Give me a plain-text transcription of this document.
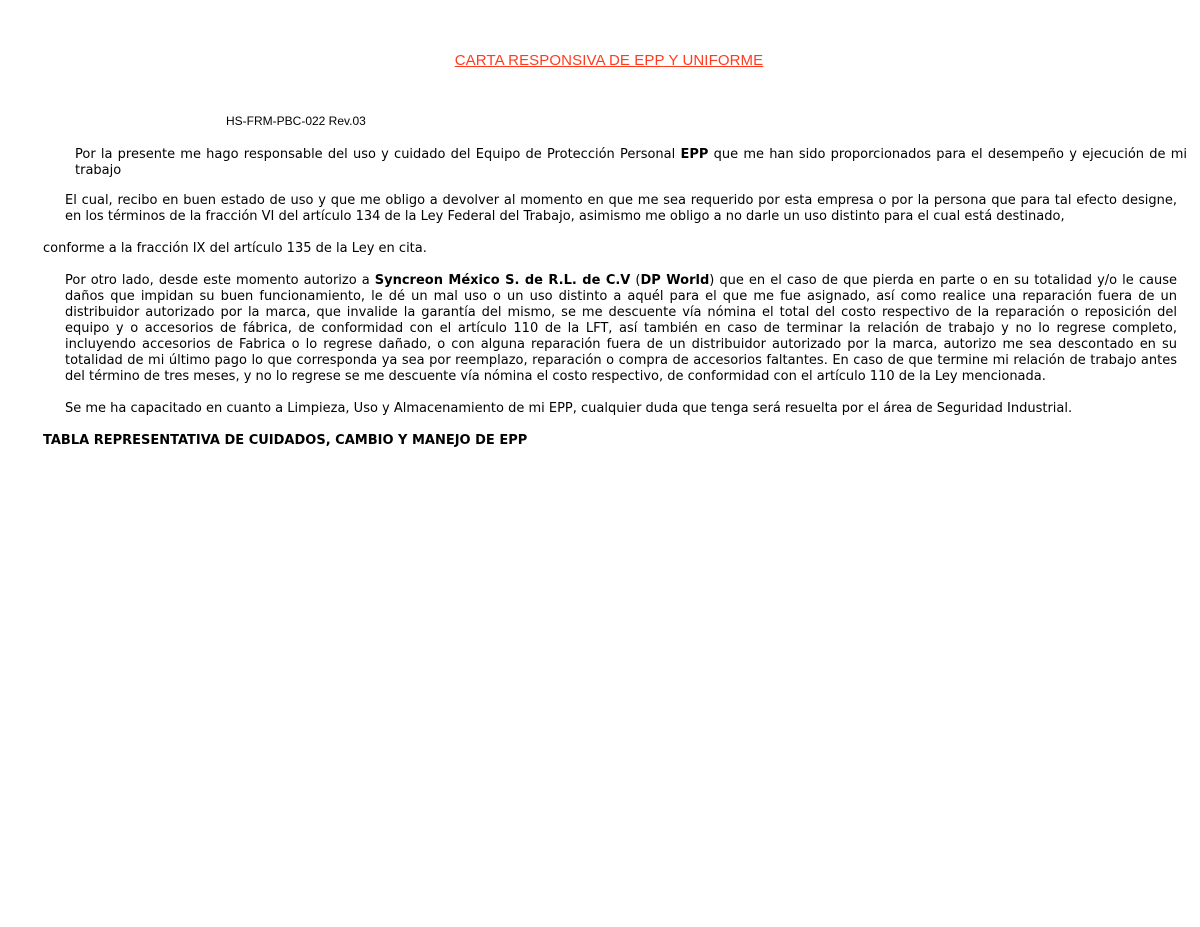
CARTA RESPONSIVA DE EPP Y UNIFORME
HS-FRM-PBC-022 Rev.03
Por la presente me hago responsable del uso y cuidado del Equipo de Protección Personal EPP que me han sido proporcionados para el desempeño y ejecución de mi trabajo
El cual, recibo en buen estado de uso y que me obligo a devolver al momento en que me sea requerido por esta empresa o por la persona que para tal efecto designe, en los términos de la fracción VI del artículo 134 de la Ley Federal del Trabajo, asimismo me obligo a no darle un uso distinto para el cual está destinado,
conforme a la fracción IX del artículo 135 de la Ley en cita.
Por otro lado, desde este momento autorizo a Syncreon México S. de R.L. de C.V (DP World) que en el caso de que pierda en parte o en su totalidad y/o le cause daños que impidan su buen funcionamiento, le dé un mal uso o un uso distinto a aquél para el que me fue asignado, así como realice una reparación fuera de un distribuidor autorizado por la marca, que invalide la garantía del mismo, se me descuente vía nómina el total del costo respectivo de la reparación o reposición del equipo y o accesorios de fábrica, de conformidad con el artículo 110 de la LFT, así también en caso de terminar la relación de trabajo y no lo regrese completo, incluyendo accesorios de Fabrica o lo regrese dañado, o con alguna reparación fuera de un distribuidor autorizado por la marca, autorizo me sea descontado en su totalidad de mi último pago lo que corresponda ya sea por reemplazo, reparación o compra de accesorios faltantes. En caso de que termine mi relación de trabajo antes del término de tres meses, y no lo regrese se me descuente vía nómina el costo respectivo, de conformidad con el artículo 110 de la Ley mencionada.
Se me ha capacitado en cuanto a Limpieza, Uso y Almacenamiento de mi EPP, cualquier duda que tenga será resuelta por el área de Seguridad Industrial.
TABLA REPRESENTATIVA DE CUIDADOS, CAMBIO Y MANEJO DE EPP
